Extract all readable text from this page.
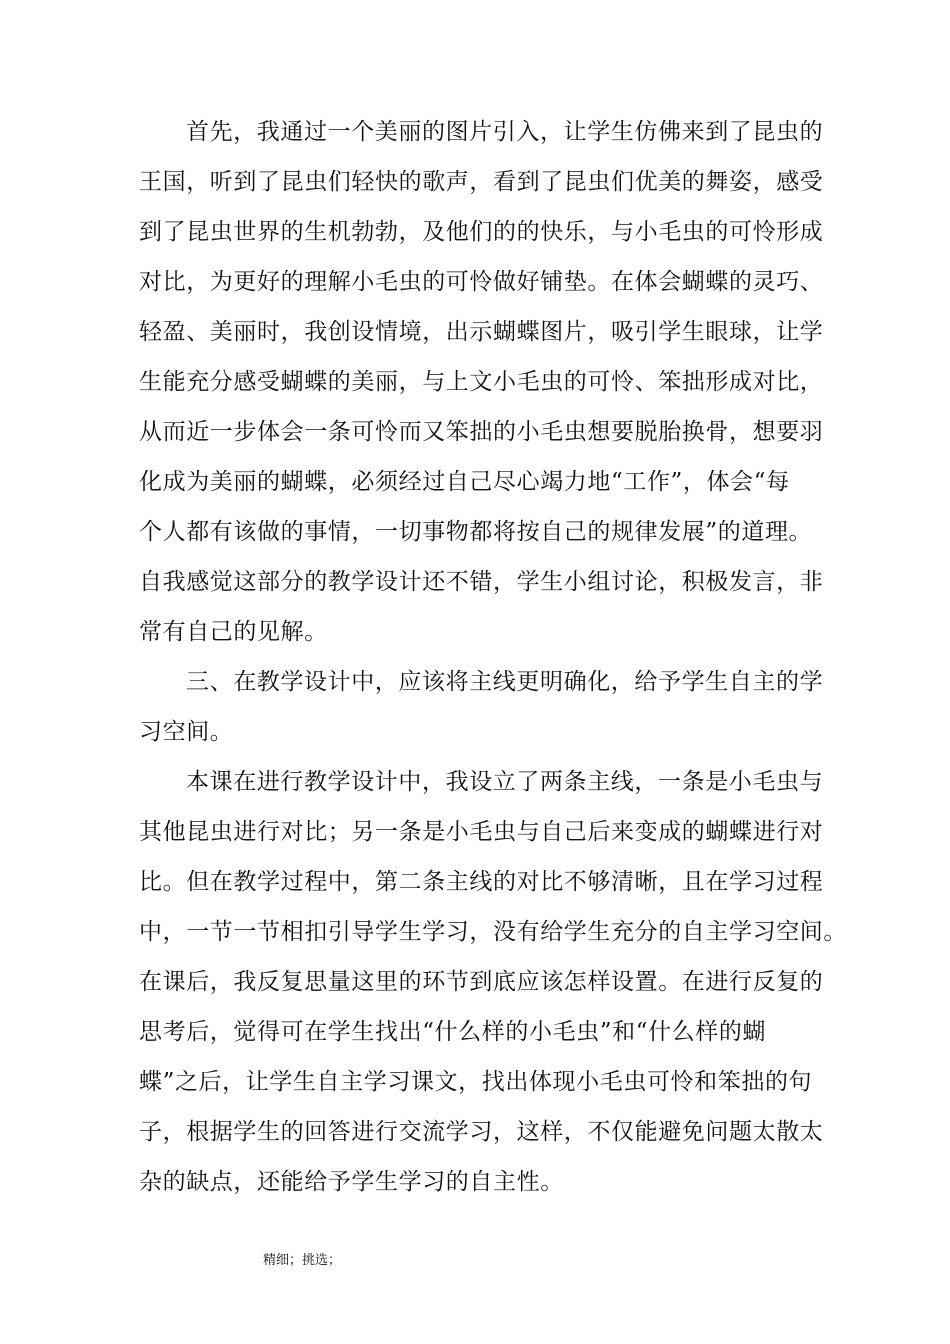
首先，我通过一个美丽的图片引入，让学生仿佛来到了昆虫的
王国，听到了昆虫们轻快的歌声，看到了昆虫们优美的舞姿，感受
到了昆虫世界的生机勃勃，及他们的的快乐，与小毛虫的可怜形成
对比，为更好的理解小毛虫的可怜做好铺垫。在体会蝴蝶的灵巧、
轻盈、美丽时，我创设情境，出示蝴蝶图片，吸引学生眼球，让学
生能充分感受蝴蝶的美丽，与上文小毛虫的可怜、笨拙形成对比，
从而近一步体会一条可怜而又笨拙的小毛虫想要脱胎换骨，想要羽
化成为美丽的蝴蝶，必须经过自己尽心竭力地“工作”，体会“每
个人都有该做的事情，一切事物都将按自己的规律发展”的道理。
自我感觉这部分的教学设计还不错，学生小组讨论，积极发言，非
常有自己的见解。
三、在教学设计中，应该将主线更明确化，给予学生自主的学
习空间。
本课在进行教学设计中，我设立了两条主线，一条是小毛虫与
其他昆虫进行对比；另一条是小毛虫与自己后来变成的蝴蝶进行对
比。但在教学过程中，第二条主线的对比不够清晰，且在学习过程
中，一节一节相扣引导学生学习，没有给学生充分的自主学习空间。
在课后，我反复思量这里的环节到底应该怎样设置。在进行反复的
思考后，觉得可在学生找出“什么样的小毛虫”和“什么样的蝴
蝶”之后，让学生自主学习课文，找出体现小毛虫可怜和笨拙的句
子，根据学生的回答进行交流学习，这样，不仅能避免问题太散太
杂的缺点，还能给予学生学习的自主性。
精细；挑选；
